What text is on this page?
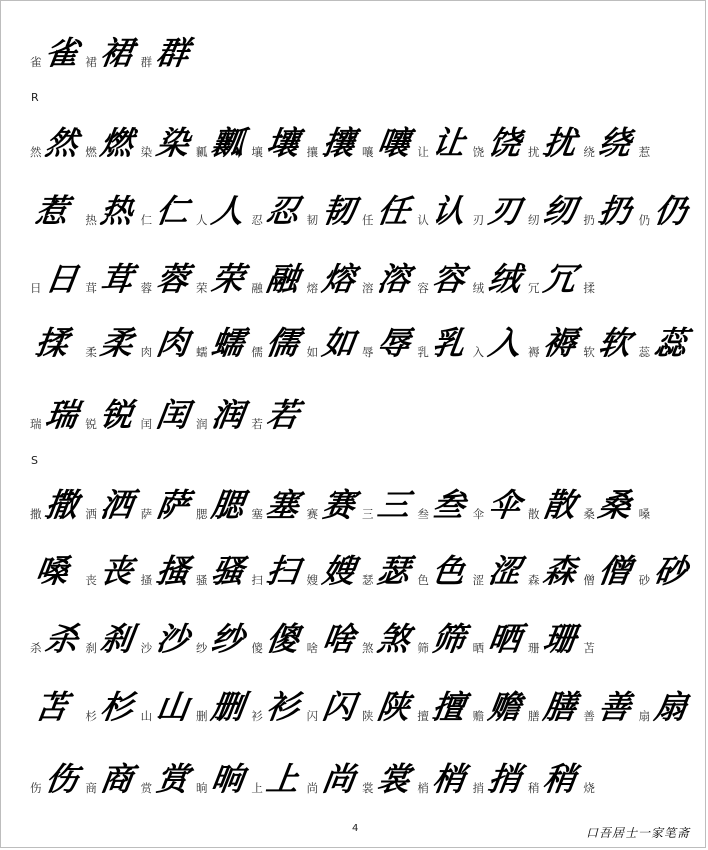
R
S
雀 雀 裙 裙 群 群
然 然 燃 燃 染 染 瓤 瓤 壤 壤 攘 攘 嚷 嚷 让 让 饶 饶 扰 扰 绕 绕 惹
惹 热 热 仁 仁 人 人 忍 忍 韧 韧 任 任 认 认 刃 刃 纫 纫 扔 扔 仍 仍
日 日 茸 茸 蓉 蓉 荣 荣 融 融 熔 熔 溶 溶 容 容 绒 绒 冗 冗 揉
揉 柔 柔 肉 肉 蠕 蠕 儒 儒 如 如 辱 辱 乳 乳 入 入 褥 褥 软 软 蕊 蕊
瑞 瑞 锐 锐 闰 闰 润 润 若 若
撒 撒 洒 洒 萨 萨 腮 腮 塞 塞 赛 赛 三 三 叁 叁 伞 伞 散 散 桑 桑 嗓
嗓 丧 丧 搔 搔 骚 骚 扫 扫 嫂 嫂 瑟 瑟 色 色 涩 涩 森 森 僧 僧 砂 砂
杀 杀 刹 刹 沙 沙 纱 纱 傻 傻 啥 啥 煞 煞 筛 筛 晒 晒 珊 珊 苫
苫 杉 杉 山 山 删 删 衫 衫 闪 闪 陕 陕 擅 擅 赡 赡 膳 膳 善 善 扇 扇
伤 伤 商 商 赏 赏 晌 晌 上 上 尚 尚 裳 裳 梢 梢 捎 捎 稍 稍 烧
4	口吾居士一家笔斋
